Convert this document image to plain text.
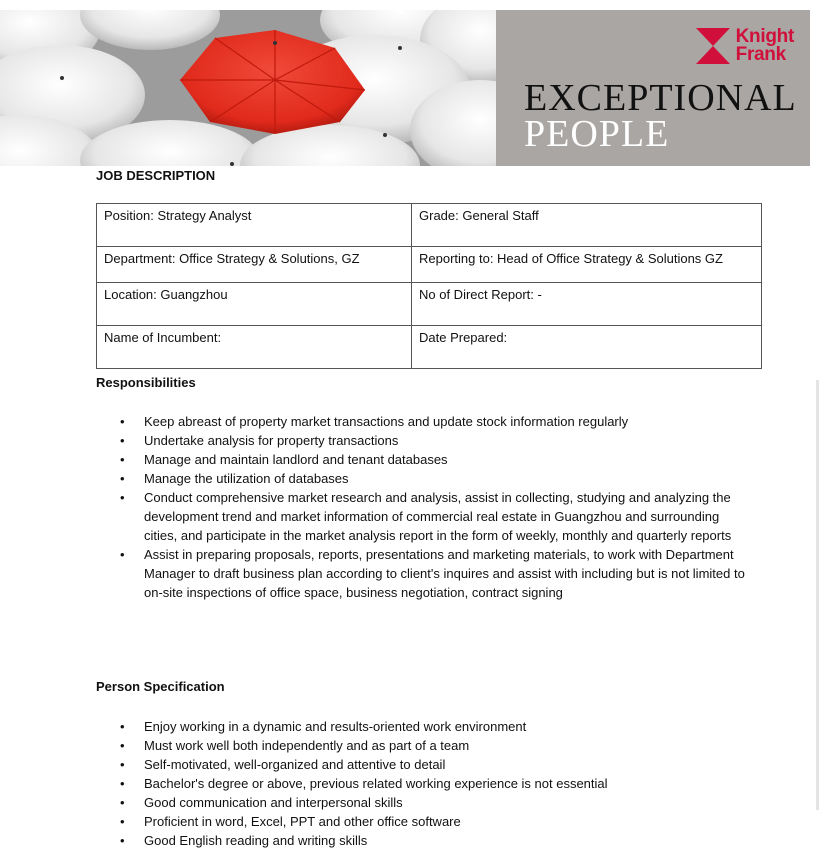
Knight
Frank
EXCEPTIONAL
PEOPLE
JOB DESCRIPTION
Position: Strategy Analyst	Grade: General Staff
Department: Office Strategy & Solutions, GZ	Reporting to: Head of Office Strategy & Solutions GZ
Location: Guangzhou	No of Direct Report: -
Name of Incumbent:	Date Prepared:
Responsibilities
• Keep abreast of property market transactions and update stock information regularly
• Undertake analysis for property transactions
• Manage and maintain landlord and tenant databases
• Manage the utilization of databases
• Conduct comprehensive market research and analysis, assist in collecting, studying and analyzing the development trend and market information of commercial real estate in Guangzhou and surrounding cities, and participate in the market analysis report in the form of weekly, monthly and quarterly reports
• Assist in preparing proposals, reports, presentations and marketing materials, to work with Department Manager to draft business plan according to client's inquires and assist with including but is not limited to on-site inspections of office space, business negotiation, contract signing
Person Specification
• Enjoy working in a dynamic and results-oriented work environment
• Must work well both independently and as part of a team
• Self-motivated, well-organized and attentive to detail
• Bachelor's degree or above, previous related working experience is not essential
• Good communication and interpersonal skills
• Proficient in word, Excel, PPT and other office software
• Good English reading and writing skills
